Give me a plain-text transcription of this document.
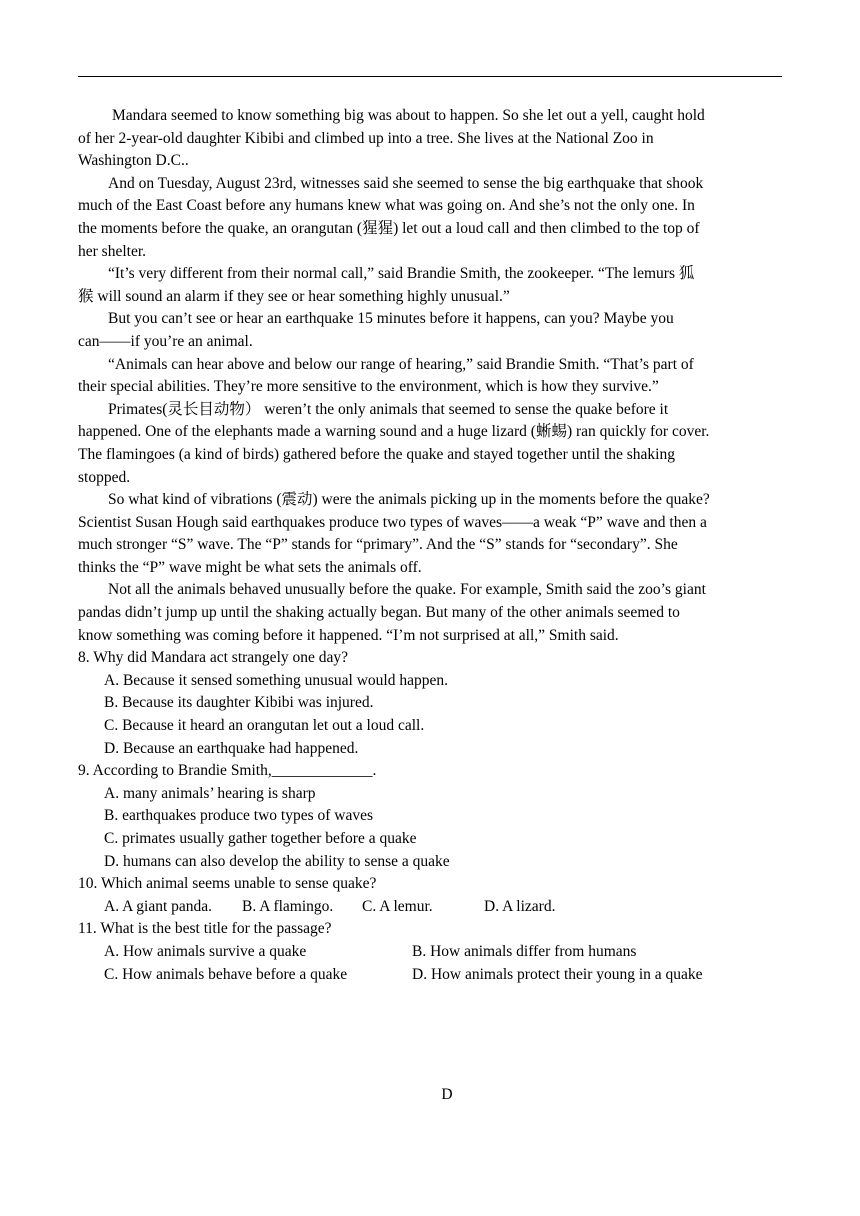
Mandara seemed to know something big was about to happen. So she let out a yell, caught hold
of her 2-year-old daughter Kibibi and climbed up into a tree. She lives at the National Zoo in
Washington D.C..

And on Tuesday, August 23rd, witnesses said she seemed to sense the big earthquake that shook
much of the East Coast before any humans knew what was going on. And she’s not the only one. In
the moments before the quake, an orangutan (猩猩) let out a loud call and then climbed to the top of
her shelter.

“It’s very different from their normal call,” said Brandie Smith, the zookeeper. “The lemurs 狐
猴 will sound an alarm if they see or hear something highly unusual.”

But you can’t see or hear an earthquake 15 minutes before it happens, can you? Maybe you
can——if you’re an animal.

“Animals can hear above and below our range of hearing,” said Brandie Smith. “That’s part of
their special abilities. They’re more sensitive to the environment, which is how they survive.”

Primates(灵长目动物） weren’t the only animals that seemed to sense the quake before it
happened. One of the elephants made a warning sound and a huge lizard (蜥蜴) ran quickly for cover.
The flamingoes (a kind of birds) gathered before the quake and stayed together until the shaking
stopped.

So what kind of vibrations (震动) were the animals picking up in the moments before the quake?
Scientist Susan Hough said earthquakes produce two types of waves——a weak “P” wave and then a
much stronger “S” wave. The “P” stands for “primary”. And the “S” stands for “secondary”. She
thinks the “P” wave might be what sets the animals off.

Not all the animals behaved unusually before the quake. For example, Smith said the zoo’s giant
pandas didn’t jump up until the shaking actually began. But many of the other animals seemed to
know something was coming before it happened. “I’m not surprised at all,” Smith said.

8. Why did Mandara act strangely one day?

A. Because it sensed something unusual would happen.

B. Because its daughter Kibibi was injured.

C. Because it heard an orangutan let out a loud call.

D. Because an earthquake had happened.

9. According to Brandie Smith,_____________.

A. many animals’ hearing is sharp

B. earthquakes produce two types of waves

C. primates usually gather together before a quake

D. humans can also develop the ability to sense a quake

10. Which animal seems unable to sense quake?

A. A giant panda. B. A flamingo. C. A lemur.	D. A lizard.

11. What is the best title for the passage?

A. How animals survive a quake	B. How animals differ from humans

C. How animals behave before a quake	D. How animals protect their young in a quake

D
